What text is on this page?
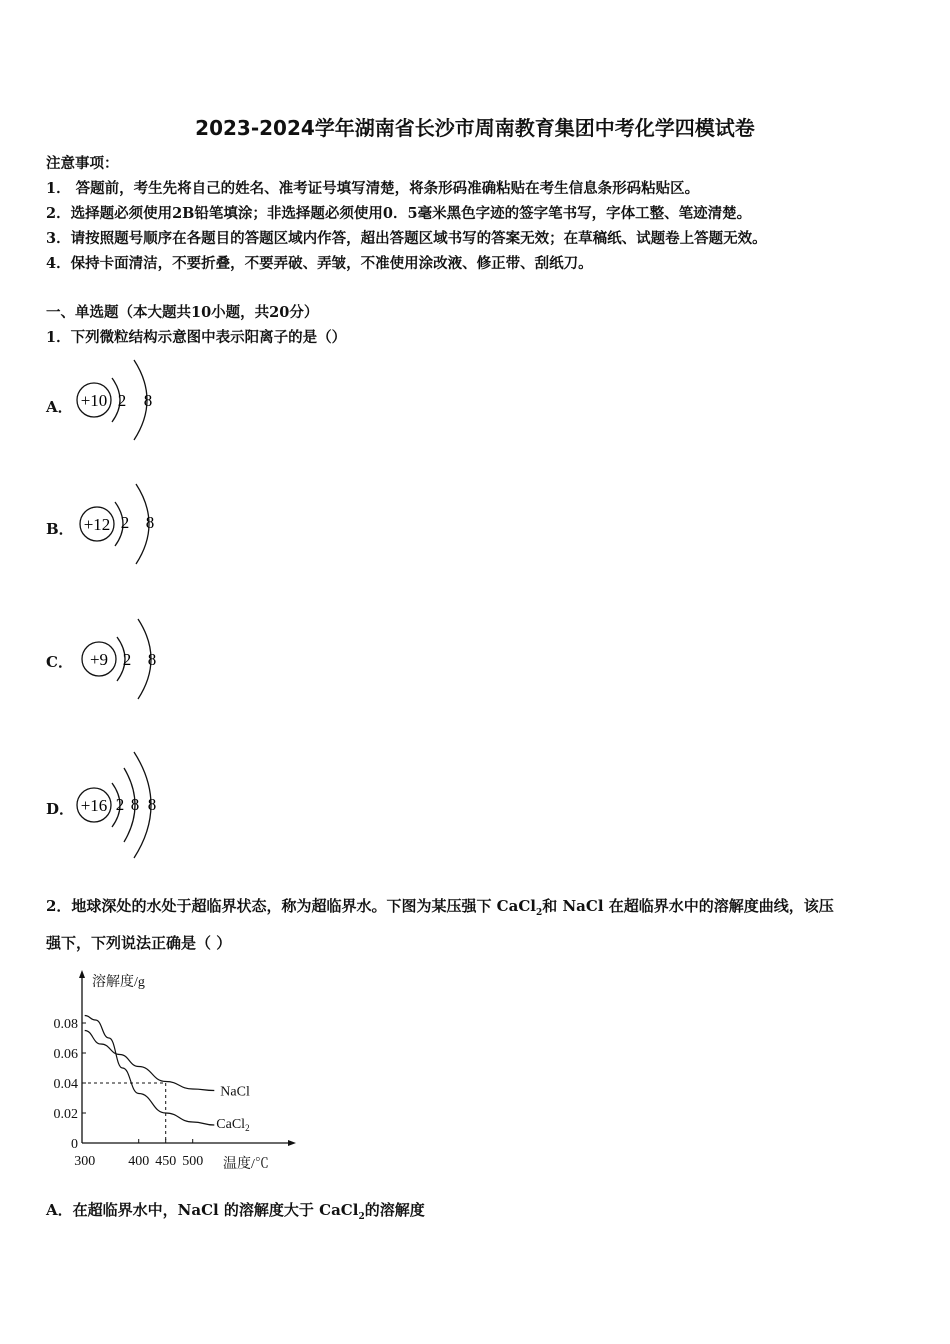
2023-2024学年湖南省长沙市周南教育集团中考化学四模试卷
注意事项：
1． 答题前，考生先将自己的姓名、准考证号填写清楚，将条形码准确粘贴在考生信息条形码粘贴区。
2．选择题必须使用2B铅笔填涂；非选择题必须使用0．5毫米黑色字迹的签字笔书写，字体工整、笔迹清楚。
3．请按照题号顺序在各题目的答题区域内作答，超出答题区域书写的答案无效；在草稿纸、试题卷上答题无效。
4．保持卡面清洁，不要折叠，不要弄破、弄皱，不准使用涂改液、修正带、刮纸刀。
一、单选题（本大题共10小题，共20分）
1．下列微粒结构示意图中表示阳离子的是（）
A． +10 2 8
B． +12 2 8
C． +9 2 8
D． +16 2 8 8
2．地球深处的水处于超临界状态，称为超临界水。下图为某压强下 CaCl$_2$和 NaCl 在超临界水中的溶解度曲线，该压
强下，下列说法正确是（ ）
0
0.02
0.04
0.06
0.08
300 400 450 500
溶解度/g
温度/℃
NaCl
CaCl$_2$
A．在超临界水中，NaCl 的溶解度大于 CaCl$_2$的溶解度
